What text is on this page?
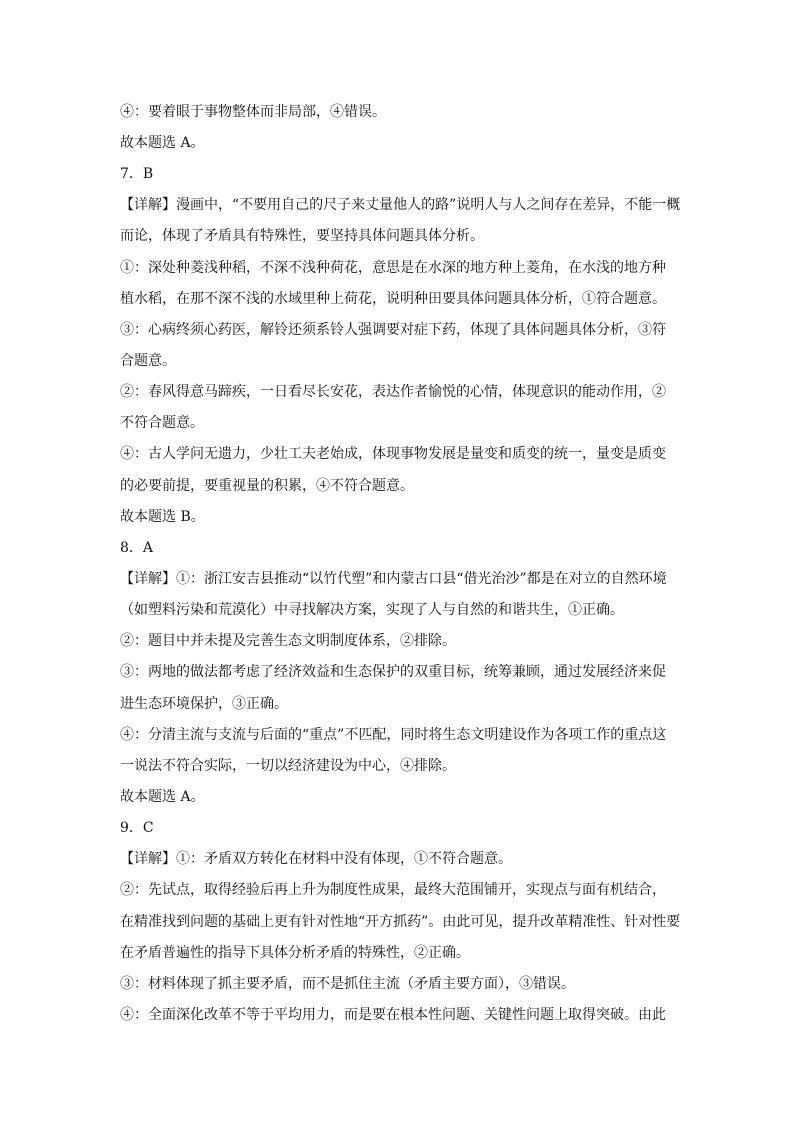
④：要着眼于事物整体而非局部，④错误。
故本题选 A。
7．B
【详解】漫画中，“不要用自己的尺子来丈量他人的路”说明人与人之间存在差异，不能一概
而论，体现了矛盾具有特殊性，要坚持具体问题具体分析。
①：深处种菱浅种稻，不深不浅种荷花，意思是在水深的地方种上菱角，在水浅的地方种
植水稻，在那不深不浅的水域里种上荷花，说明种田要具体问题具体分析，①符合题意。
③：心病终须心药医，解铃还须系铃人强调要对症下药，体现了具体问题具体分析，③符
合题意。
②：春风得意马蹄疾，一日看尽长安花，表达作者愉悦的心情，体现意识的能动作用，②
不符合题意。
④：古人学问无遗力，少壮工夫老始成，体现事物发展是量变和质变的统一，量变是质变
的必要前提，要重视量的积累，④不符合题意。
故本题选 B。
8．A
【详解】①：浙江安吉县推动“以竹代塑”和内蒙古口县“借光治沙”都是在对立的自然环境
（如塑料污染和荒漠化）中寻找解决方案，实现了人与自然的和谐共生，①正确。
②：题目中并未提及完善生态文明制度体系，②排除。
③：两地的做法都考虑了经济效益和生态保护的双重目标，统筹兼顾，通过发展经济来促
进生态环境保护，③正确。
④：分清主流与支流与后面的“重点”不匹配，同时将生态文明建设作为各项工作的重点这
一说法不符合实际，一切以经济建设为中心，④排除。
故本题选 A。
9．C
【详解】①：矛盾双方转化在材料中没有体现，①不符合题意。
②：先试点，取得经验后再上升为制度性成果，最终大范围铺开，实现点与面有机结合，
在精准找到问题的基础上更有针对性地“开方抓药”。由此可见，提升改革精准性、针对性要
在矛盾普遍性的指导下具体分析矛盾的特殊性，②正确。
③：材料体现了抓主要矛盾，而不是抓住主流（矛盾主要方面），③错误。
④：全面深化改革不等于平均用力，而是要在根本性问题、关键性问题上取得突破。由此
